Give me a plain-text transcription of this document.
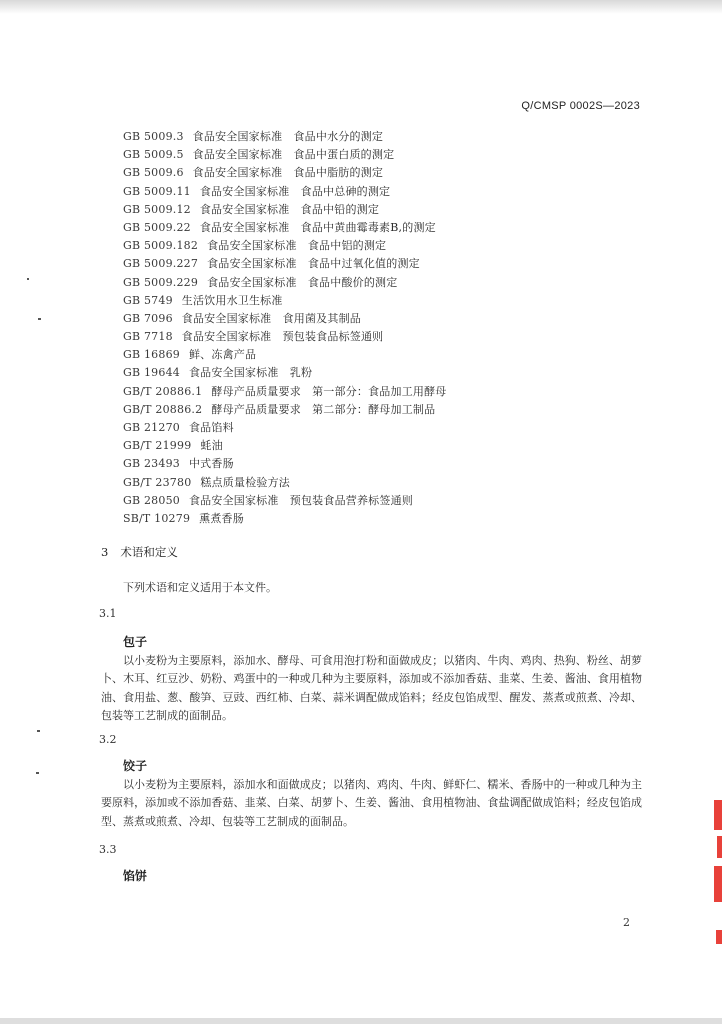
Q/CMSP 0002S—2023
GB 5009.3 食品安全国家标准　食品中水分的测定
GB 5009.5 食品安全国家标准　食品中蛋白质的测定
GB 5009.6 食品安全国家标准　食品中脂肪的测定
GB 5009.11 食品安全国家标准　食品中总砷的测定
GB 5009.12 食品安全国家标准　食品中铅的测定
GB 5009.22 食品安全国家标准　食品中黄曲霉毒素B,的测定
GB 5009.182 食品安全国家标准　食品中铝的测定
GB 5009.227 食品安全国家标准　食品中过氧化值的测定
GB 5009.229 食品安全国家标准　食品中酸价的测定
GB 5749 生活饮用水卫生标准
GB 7096 食品安全国家标准　食用菌及其制品
GB 7718 食品安全国家标准　预包装食品标签通则
GB 16869 鲜、冻禽产品
GB 19644 食品安全国家标准　乳粉
GB/T 20886.1 酵母产品质量要求　第一部分：食品加工用酵母
GB/T 20886.2 酵母产品质量要求　第二部分：酵母加工制品
GB 21270 食品馅料
GB/T 21999 蚝油
GB 23493 中式香肠
GB/T 23780 糕点质量检验方法
GB 28050 食品安全国家标准　预包装食品营养标签通则
SB/T 10279 熏煮香肠
3 术语和定义
下列术语和定义适用于本文件。
3.1
包子
以小麦粉为主要原料，添加水、酵母、可食用泡打粉和面做成皮；以猪肉、牛肉、鸡肉、热狗、粉丝、胡萝卜、木耳、红豆沙、奶粉、鸡蛋中的一种或几种为主要原料，添加或不添加香菇、韭菜、生姜、酱油、食用植物油、食用盐、葱、酸笋、豆豉、西红柿、白菜、蒜米调配做成馅料；经皮包馅成型、醒发、蒸煮或煎煮、冷却、包装等工艺制成的面制品。
3.2
饺子
以小麦粉为主要原料，添加水和面做成皮；以猪肉、鸡肉、牛肉、鲜虾仁、糯米、香肠中的一种或几种为主要原料，添加或不添加香菇、韭菜、白菜、胡萝卜、生姜、酱油、食用植物油、食盐调配做成馅料；经皮包馅成型、蒸煮或煎煮、冷却、包装等工艺制成的面制品。
3.3
馅饼
2
